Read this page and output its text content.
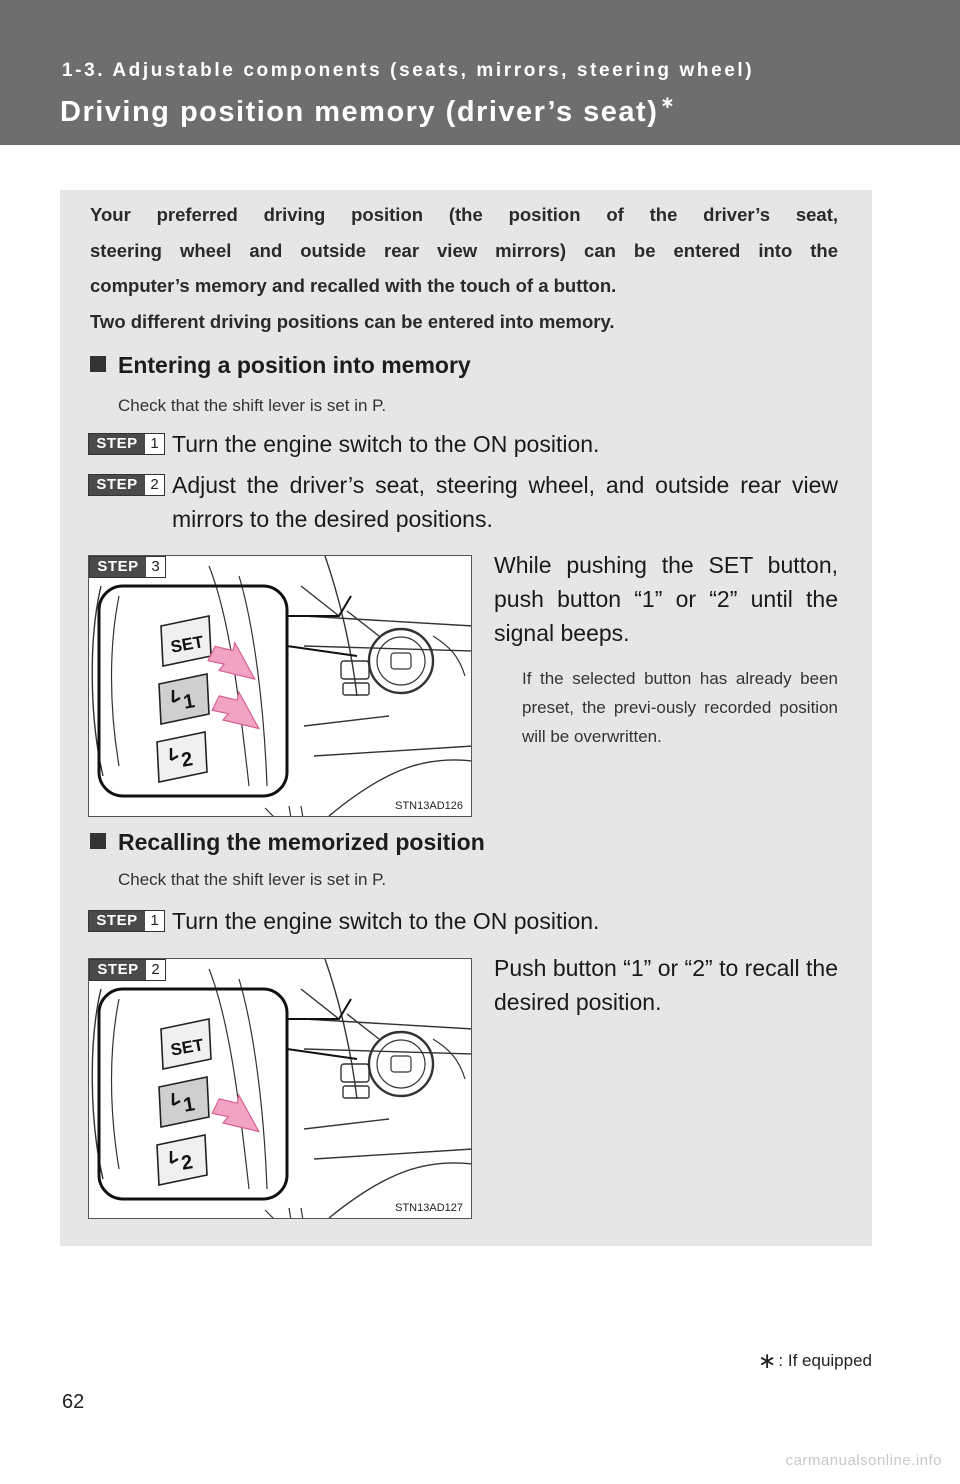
1-3. Adjustable components (seats, mirrors, steering wheel)
Driving position memory (driver’s seat) ∗
Your preferred driving position (the position of the driver’s seat,
steering wheel and outside rear view mirrors) can be entered into the
computer’s memory and recalled with the touch of a button.
Two different driving positions can be entered into memory.
Entering a position into memory
Check that the shift lever is set in P.
STEP 1 Turn the engine switch to the ON position.
STEP 2 Adjust the driver’s seat, steering wheel, and outside rear view mirrors to the desired positions.
STEP 3
SET
1
2
STN13AD126
While pushing the SET button, push button “1” or “2” until the signal beeps.
If the selected button has already been preset, the previ-ously recorded position will be overwritten.
Recalling the memorized position
Check that the shift lever is set in P.
STEP 1 Turn the engine switch to the ON position.
STEP 2
SET
1
2
STN13AD127
Push button “1” or “2” to recall the desired position.
∗ : If equipped
62
carmanualsonline.info
